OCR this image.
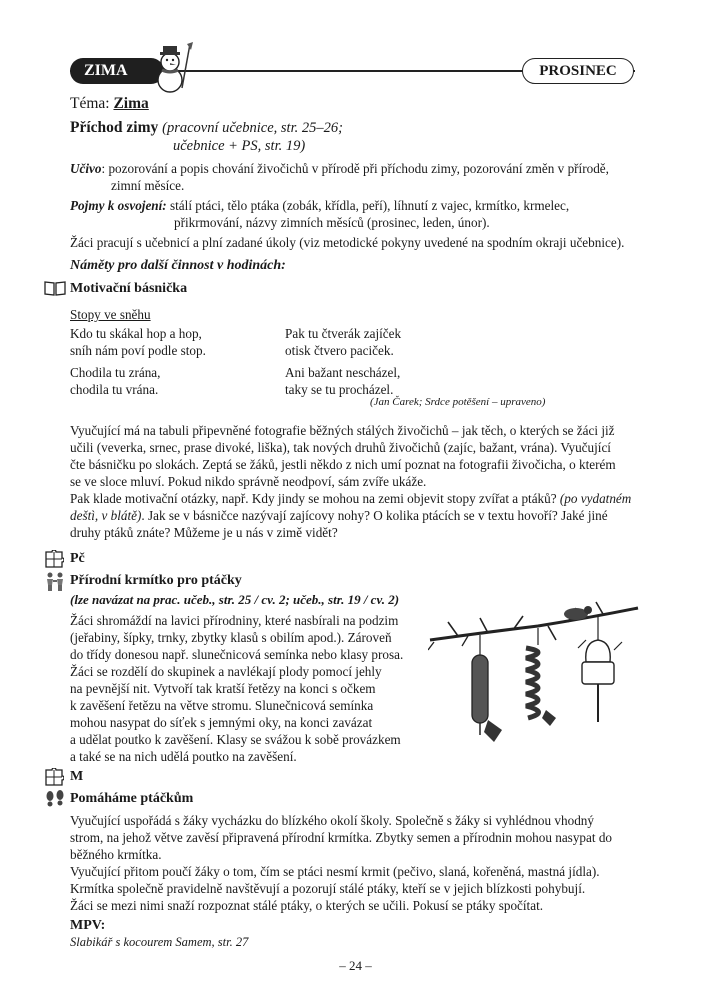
ZIMA	PROSINEC
Téma: Zima
Příchod zimy (pracovní učebnice, str. 25–26;
učebnice + PS, str. 19)
Učivo: pozorování a popis chování živočichů v přírodě při příchodu zimy, pozorování změn v přírodě,
zimní měsíce.
Pojmy k osvojení: stálí ptáci, tělo ptáka (zobák, křídla, peří), líhnutí z vajec, krmítko, krmelec,
přikrmování, názvy zimních měsíců (prosinec, leden, únor).
Žáci pracují s učebnicí a plní zadané úkoly (viz metodické pokyny uvedené na spodním okraji učebnice).
Náměty pro další činnost v hodinách:
Motivační básnička
Stopy ve sněhu
Kdo tu skákal hop a hop,
sníh nám poví podle stop.
Chodila tu zrána,
chodila tu vrána.
Pak tu čtverák zajíček
otisk čtvero paciček.
Ani bažant nescházel,
taky se tu procházel.
(Jan Čarek; Srdce potěšení – upraveno)
Vyučující má na tabuli připevněné fotografie běžných stálých živočichů – jak těch, o kterých se žáci již
učili (veverka, srnec, prase divoké, liška), tak nových druhů živočichů (zajíc, bažant, vrána). Vyučující
čte básničku po slokách. Zeptá se žáků, jestli někdo z nich umí poznat na fotografii živočicha, o kterém
se ve sloce mluví. Pokud nikdo správně neodpoví, sám zvíře ukáže.
Pak klade motivační otázky, např. Kdy jindy se mohou na zemi objevit stopy zvířat a ptáků? (po vydatném
deštì, v blátě). Jak se v básničce nazývají zajícovy nohy? O kolika ptácích se v textu hovoří? Jaké jiné
druhy ptáků znáte? Můžeme je u nás v zimě vidět?
Pč
Přírodní krmítko pro ptáčky
(lze navázat na prac. učeb., str. 25 / cv. 2; učeb., str. 19 / cv. 2)
Žáci shromáždí na lavici přírodniny, které nasbírali na podzim
(jeřabiny, šípky, trnky, zbytky klasů s obilím apod.). Zároveň
do třídy donesou např. slunečnicová semínka nebo klasy prosa.
Žáci se rozdělí do skupinek a navlékají plody pomocí jehly
na pevnější nit. Vytvoří tak kratší řetězy na konci s očkem
k zavěšení řetězu na větve stromu. Slunečnicová semínka
mohou nasypat do síťek s jemnými oky, na konci zavázat
a udělat poutko k zavěšení. Klasy se svážou k sobě provázkem
a také se na nich udělá poutko na zavěšení.
M
Pomáháme ptáčkům
Vyučující uspořádá s žáky vycházku do blízkého okolí školy. Společně s žáky si vyhlédnou vhodný
strom, na jehož větve zavěsí připravená přírodní krmítka. Zbytky semen a přírodnin mohou nasypat do
běžného krmítka.
Vyučující přitom poučí žáky o tom, čím se ptáci nesmí krmit (pečivo, slaná, kořeněná, mastná jídla).
Krmítka společně pravidelně navštěvují a pozorují stálé ptáky, kteří se v jejich blízkosti pohybují.
Žáci se mezi nimi snaží rozpoznat stálé ptáky, o kterých se učili. Pokusí se ptáky spočítat.
MPV:
Slabikář s kocourem Samem, str. 27
– 24 –
